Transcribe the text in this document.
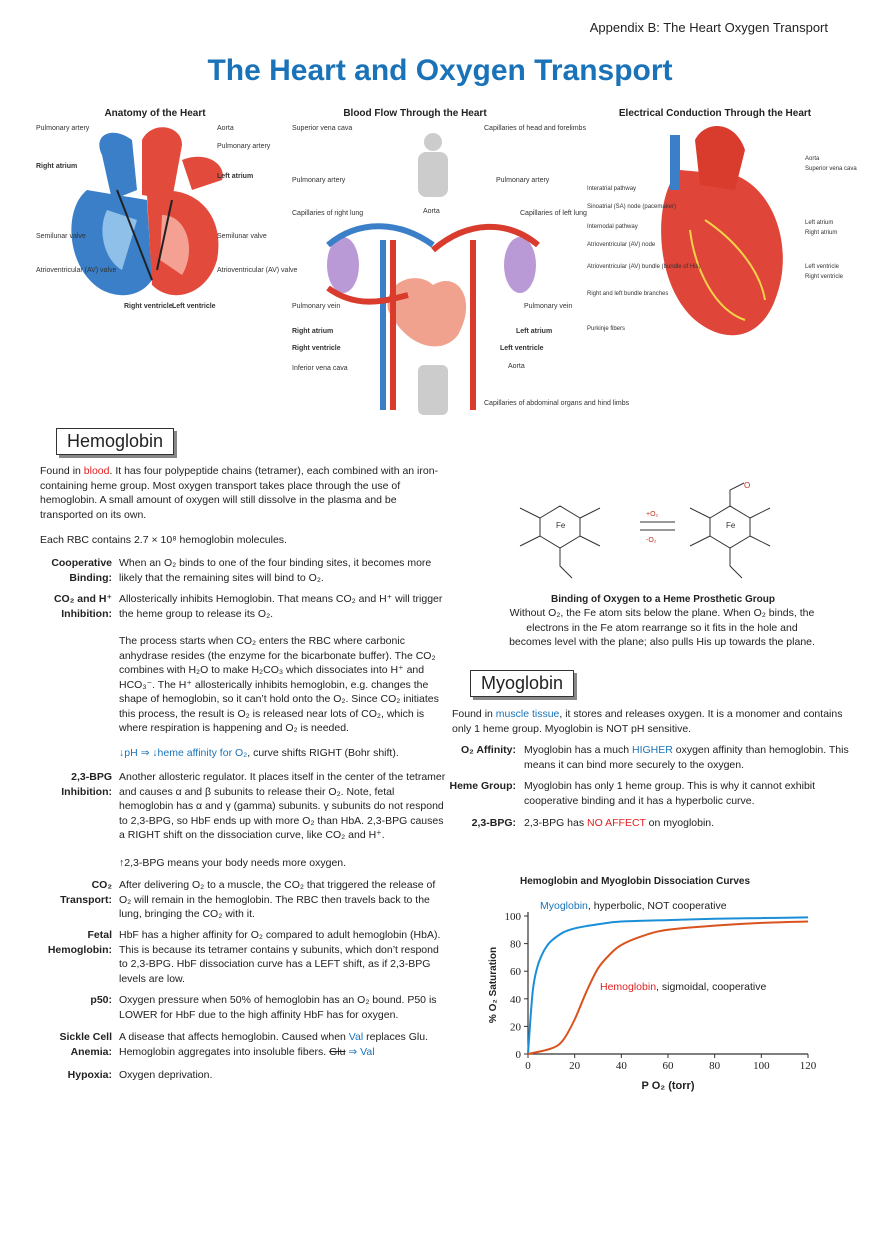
Appendix B: The Heart Oxygen Transport
The Heart and Oxygen Transport
Anatomy of the Heart	Blood Flow Through the Heart	Electrical Conduction Through the Heart
Pulmonary artery	Aorta
Pulmonary artery
Right atrium
Left atrium
Semilunar valve	Semilunar valve
Atrioventricular (AV) valve	Atrioventricular (AV) valve
Right ventricle Left ventricle
Superior vena cava	Capillaries of head and forelimbs
Pulmonary artery	Pulmonary artery
Aorta
Capillaries of right lung	Capillaries of left lung
Pulmonary vein	Pulmonary vein
Right atrium	Left atrium
Right ventricle	Left ventricle
Inferior vena cava	Aorta
Capillaries of abdominal organs and hind limbs
Interatrial pathway
Sinoatrial (SA) node (pacemaker)
Internodal pathway
Atrioventricular (AV) node
Atrioventricular (AV) bundle (bundle of His)
Right and left bundle branches
Purkinje fibers
Aorta
Superior vena cava
Left atrium
Right atrium
Left ventricle
Right ventricle
Hemoglobin
Found in blood. It has four polypeptide chains (tetramer), each combined with an iron-containing heme group. Most oxygen transport takes place through the use of hemoglobin. A small amount of oxygen will still dissolve in the plasma and be transported on its own.
Each RBC contains 2.7 × 10⁸ hemoglobin molecules.
Cooperative Binding:
When an O₂ binds to one of the four binding sites, it becomes more likely that the remaining sites will bind to O₂.
CO₂ and H⁺ Inhibition:
Allosterically inhibits Hemoglobin. That means CO₂ and H⁺ will trigger the heme group to release its O₂.
The process starts when CO₂ enters the RBC where carbonic anhydrase resides (the enzyme for the bicarbonate buffer). The CO₂ combines with H₂O to make H₂CO₃ which dissociates into H⁺ and HCO₃⁻. The H⁺ allosterically inhibits hemoglobin, e.g. changes the shape of hemoglobin, so it can’t hold onto the O₂. Since CO₂ initiates this process, the result is O₂ is released near lots of CO₂, which is where respiration is happening and O₂ is needed.
↓pH ⇒ ↓heme affinity for O₂, curve shifts RIGHT (Bohr shift).
2,3-BPG Inhibition:
Another allosteric regulator. It places itself in the center of the tetramer and causes α and β subunits to release their O₂. Note, fetal hemoglobin has α and γ (gamma) subunits. γ subunits do not respond to 2,3-BPG, so HbF ends up with more O₂ than HbA. 2,3-BPG causes a RIGHT shift on the dissociation curve, like CO₂ and H⁺.
↑2,3-BPG means your body needs more oxygen.
CO₂ Transport:
After delivering O₂ to a muscle, the CO₂ that triggered the release of O₂ will remain in the hemoglobin. The RBC then travels back to the lung, bringing the CO₂ with it.
Fetal Hemoglobin:
HbF has a higher affinity for O₂ compared to adult hemoglobin (HbA). This is because its tetramer contains γ subunits, which don’t respond to 2,3-BPG. HbF dissociation curve has a LEFT shift, as if 2,3-BPG levels are low.
p50: Oxygen pressure when 50% of hemoglobin has an O₂ bound. P50 is LOWER for HbF due to the high affinity HbF has for oxygen.
Sickle Cell Anemia:
A disease that affects hemoglobin. Caused when Val replaces Glu.
Hemoglobin aggregates into insoluble fibers. Glu ⇒ Val
Hypoxia: Oxygen deprivation.
Fe	Fe
O
+O₂
-O₂
Binding of Oxygen to a Heme Prosthetic Group
Without O₂, the Fe atom sits below the plane. When O₂ binds, the electrons in the Fe atom rearrange so it fits in the hole and becomes level with the plane; also pulls His up towards the plane.
Myoglobin
Found in muscle tissue, it stores and releases oxygen. It is a monomer and contains only 1 heme group. Myoglobin is NOT pH sensitive.
O₂ Affinity: Myoglobin has a much HIGHER oxygen affinity than hemoglobin. This means it can bind more securely to the oxygen.
Heme Group: Myoglobin has only 1 heme group. This is why it cannot exhibit cooperative binding and it has a hyperbolic curve.
2,3-BPG: 2,3-BPG has NO AFFECT on myoglobin.
Hemoglobin and Myoglobin Dissociation Curves
0	20	40	60	80	100	120
0
20
40
60
80
100
P O₂ (torr)
% O₂ Saturation
Myoglobin, hyperbolic, NOT cooperative
Hemoglobin, sigmoidal, cooperative
